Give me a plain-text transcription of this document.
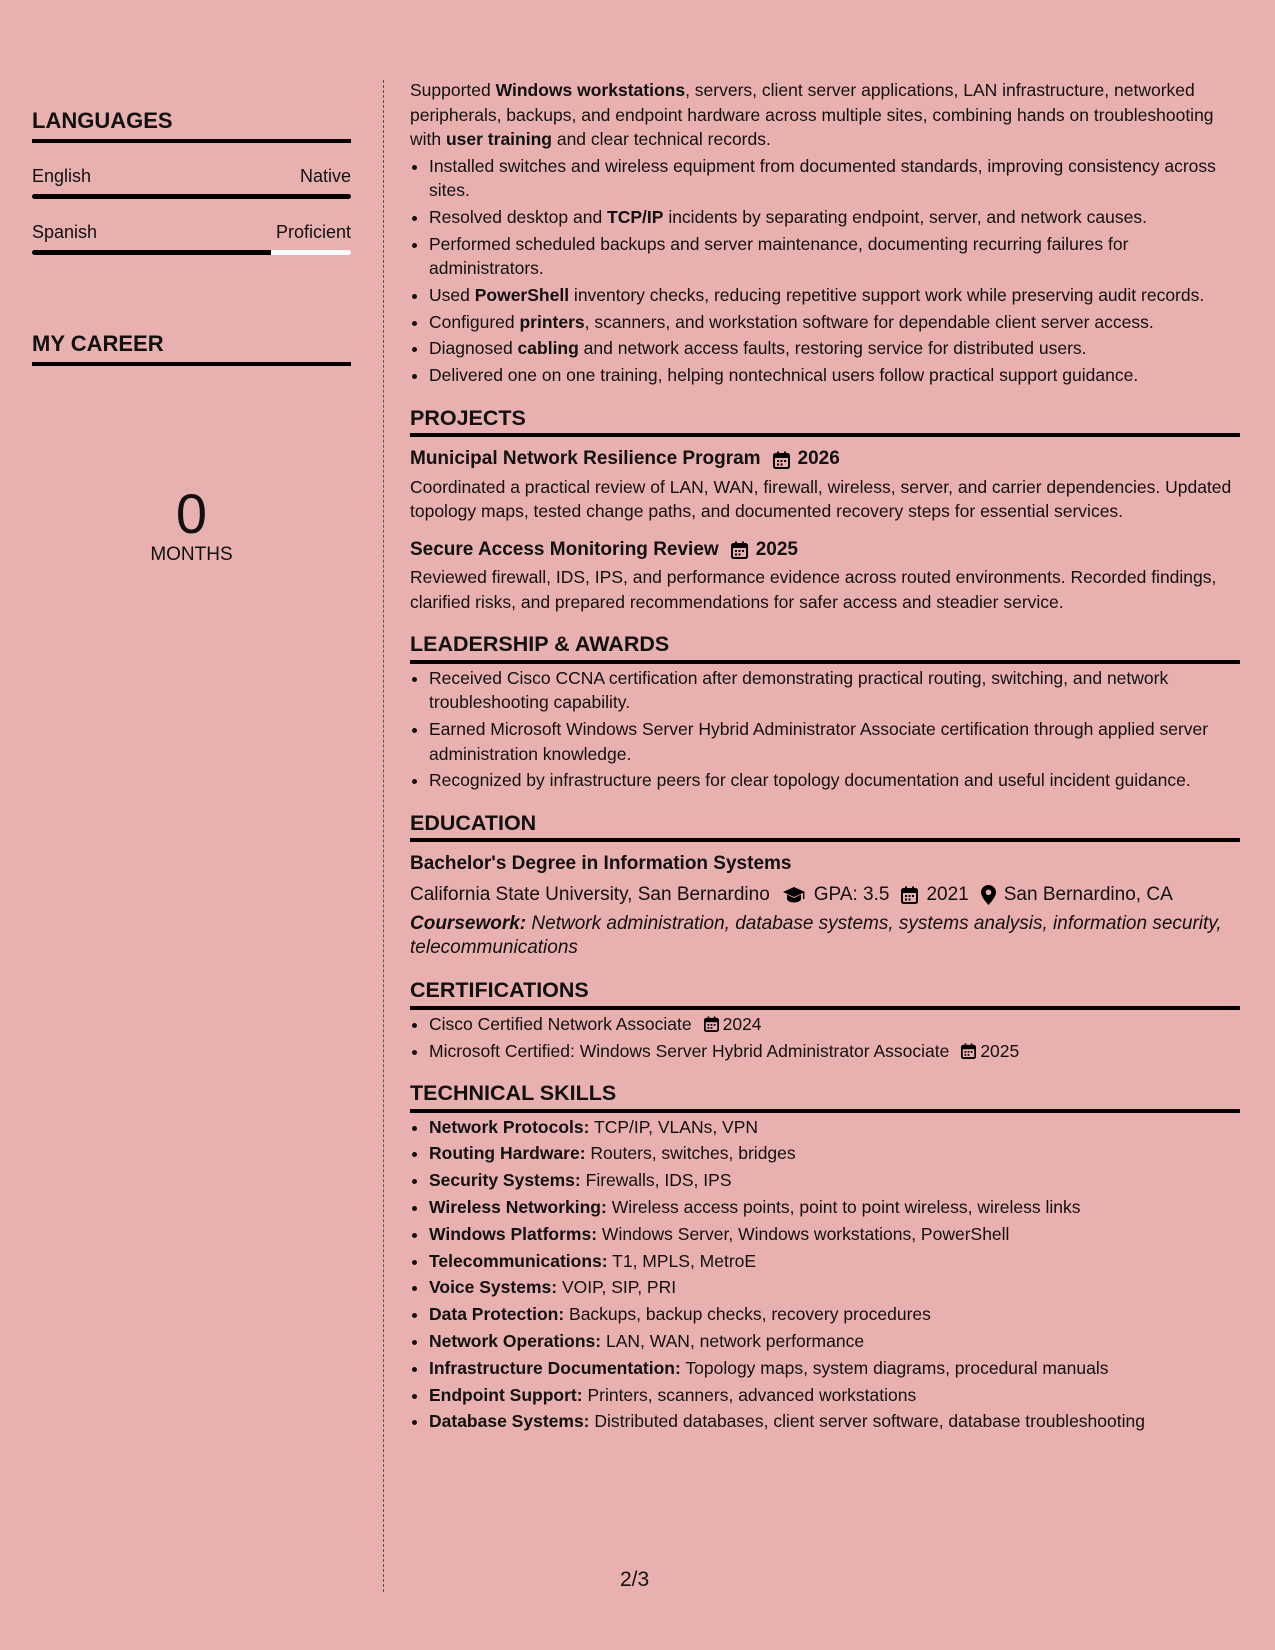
LANGUAGES
English	Native
Spanish	Proficient
MY CAREER
0
MONTHS

Supported Windows workstations, servers, client server applications, LAN infrastructure, networked peripherals, backups, and endpoint hardware across multiple sites, combining hands on troubleshooting with user training and clear technical records.

• Installed switches and wireless equipment from documented standards, improving consistency across sites.
• Resolved desktop and TCP/IP incidents by separating endpoint, server, and network causes.
• Performed scheduled backups and server maintenance, documenting recurring failures for administrators.
• Used PowerShell inventory checks, reducing repetitive support work while preserving audit records.
• Configured printers, scanners, and workstation software for dependable client server access.
• Diagnosed cabling and network access faults, restoring service for distributed users.
• Delivered one on one training, helping nontechnical users follow practical support guidance.
PROJECTS
Municipal Network Resilience Program 2026
Coordinated a practical review of LAN, WAN, firewall, wireless, server, and carrier dependencies. Updated topology maps, tested change paths, and documented recovery steps for essential services.
Secure Access Monitoring Review 2025
Reviewed firewall, IDS, IPS, and performance evidence across routed environments. Recorded findings, clarified risks, and prepared recommendations for safer access and steadier service.
LEADERSHIP & AWARDS
• Received Cisco CCNA certification after demonstrating practical routing, switching, and network troubleshooting capability.
• Earned Microsoft Windows Server Hybrid Administrator Associate certification through applied server administration knowledge.
• Recognized by infrastructure peers for clear topology documentation and useful incident guidance.
EDUCATION
Bachelor's Degree in Information Systems
California State University, San Bernardino GPA: 3.5 2021 San Bernardino, CA
Coursework: Network administration, database systems, systems analysis, information security, telecommunications
CERTIFICATIONS
• Cisco Certified Network Associate 2024
• Microsoft Certified: Windows Server Hybrid Administrator Associate 2025
TECHNICAL SKILLS
• Network Protocols: TCP/IP, VLANs, VPN
• Routing Hardware: Routers, switches, bridges
• Security Systems: Firewalls, IDS, IPS
• Wireless Networking: Wireless access points, point to point wireless, wireless links
• Windows Platforms: Windows Server, Windows workstations, PowerShell
• Telecommunications: T1, MPLS, MetroE
• Voice Systems: VOIP, SIP, PRI
• Data Protection: Backups, backup checks, recovery procedures
• Network Operations: LAN, WAN, network performance
• Infrastructure Documentation: Topology maps, system diagrams, procedural manuals
• Endpoint Support: Printers, scanners, advanced workstations
• Database Systems: Distributed databases, client server software, database troubleshooting
2/3
